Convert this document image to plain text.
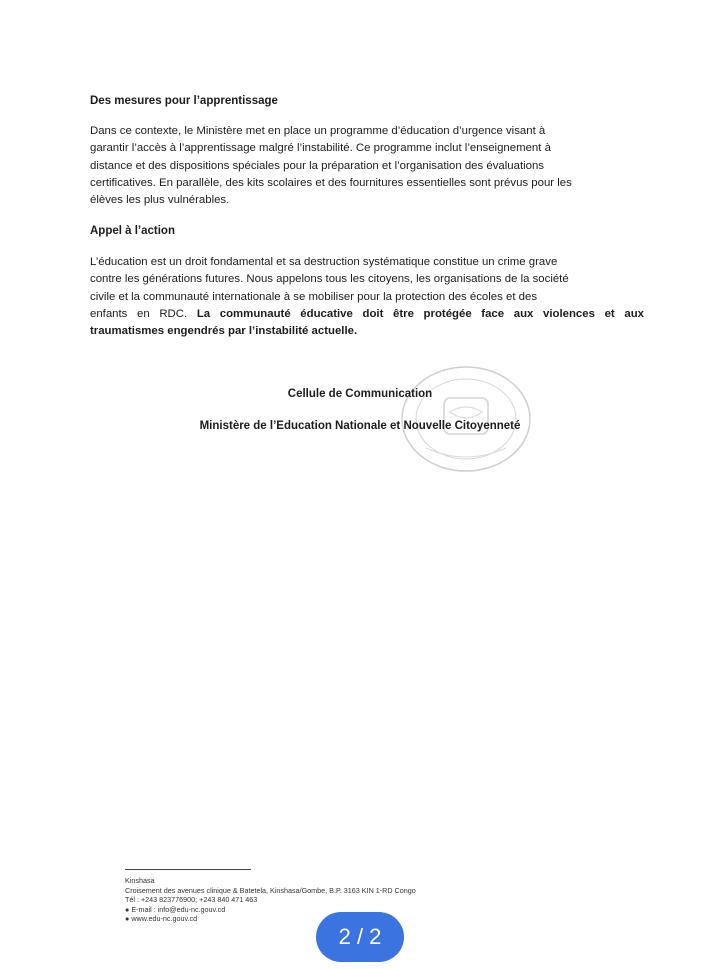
Des mesures pour l’apprentissage
Dans ce contexte, le Ministère met en place un programme d’éducation d’urgence visant à
garantir l’accès à l’apprentissage malgré l’instabilité. Ce programme inclut l’enseignement à
distance et des dispositions spéciales pour la préparation et l’organisation des évaluations
certificatives. En parallèle, des kits scolaires et des fournitures essentielles sont prévus pour les
élèves les plus vulnérables.
Appel à l’action
L’éducation est un droit fondamental et sa destruction systématique constitue un crime grave
contre les générations futures. Nous appelons tous les citoyens, les organisations de la société
civile et la communauté internationale à se mobiliser pour la protection des écoles et des
enfants en RDC. La communauté éducative doit être protégée face aux violences et aux
traumatismes engendrés par l’instabilité actuelle.
Cellule de Communication
Ministère de l’Education Nationale et Nouvelle Citoyenneté
Kinshasa
Croisement des avenues clinique & Batetela, Kinshasa/Gombe, B.P. 3163 KIN 1-RD Congo
Tél : +243 823776900; +243 840 471 463
● E-mail : info@edu-nc.gouv.cd
● www.edu-nc.gouv.cd
2 / 2
